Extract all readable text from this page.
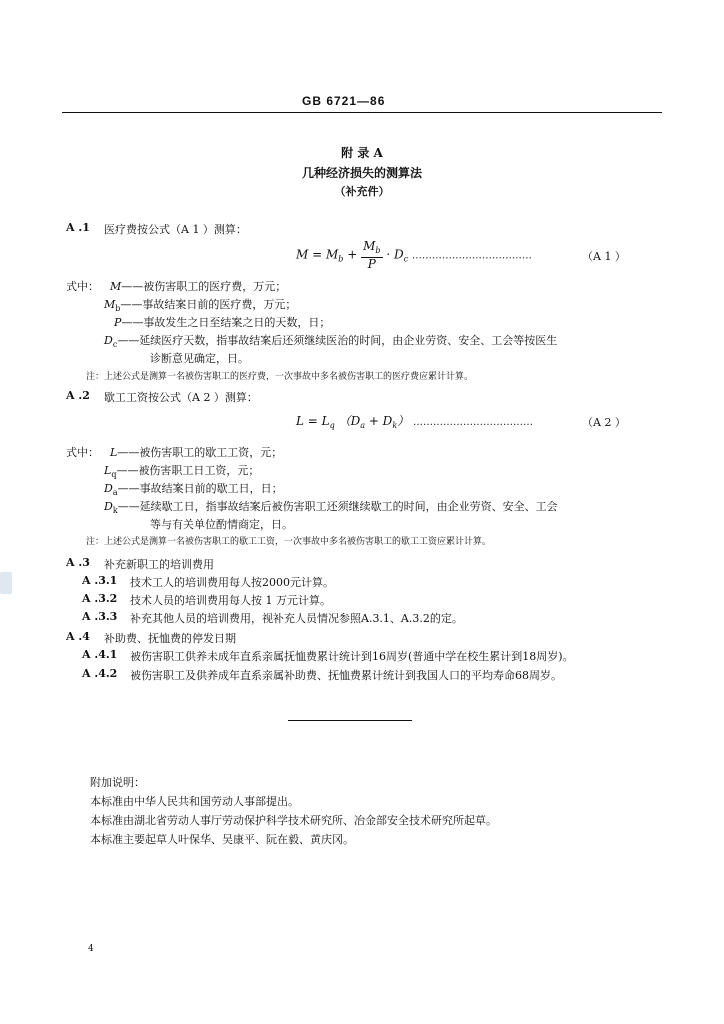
GB 6721—86
附 录 A
几种经济损失的测算法
（补充件）
A .1 医疗费按公式（A 1 ）测算：
$M = M_b + \frac{M_b}{P} \cdot D_c$ ………………………………	（A 1 ）
式中： M——被伤害职工的医疗费，万元；
$M_b——$事故结案日前的医疗费，万元；
P——事故发生之日至结案之日的天数，日；
$D_c——$延续医疗天数，指事故结案后还须继续医治的时间，由企业劳资、安全、工会等按医生
诊断意见确定，日。
注：上述公式是测算一名被伤害职工的医疗费，一次事故中多名被伤害职工的医疗费应累计计算。
A .2 歇工工资按公式（A 2 ）测算：
$L = L_q$ $(D_a + D_k)$ ………………………………	（A 2 ）
式中： L——被伤害职工的歇工工资，元；
$L_q——$被伤害职工日工资，元；
$D_a——$事故结案日前的歇工日，日；
$D_k——$延续歇工日，指事故结案后被伤害职工还须继续歇工的时间，由企业劳资、安全、工会
等与有关单位酌情商定，日。
注：上述公式是测算一名被伤害职工的歇工工资，一次事故中多名被伤害职工的歇工工资应累计计算。
A .3 补充新职工的培训费用
A .3.1 技术工人的培训费用每人按2000元计算。
A .3.2 技术人员的培训费用每人按 1 万元计算。
A .3.3 补充其他人员的培训费用，视补充人员情况参照A.3.1、A.3.2的定。
A .4 补助费、抚恤费的停发日期
A .4.1 被伤害职工供养未成年直系亲属抚恤费累计统计到16周岁(普通中学在校生累计到18周岁)。
A .4.2 被伤害职工及供养成年直系亲属补助费、抚恤费累计统计到我国人口的平均寿命68周岁。
附加说明：
本标准由中华人民共和国劳动人事部提出。
本标准由湖北省劳动人事厅劳动保护科学技术研究所、冶金部安全技术研究所起草。
本标准主要起草人叶保华、吴康平、阮在毅、黄庆冈。
4
